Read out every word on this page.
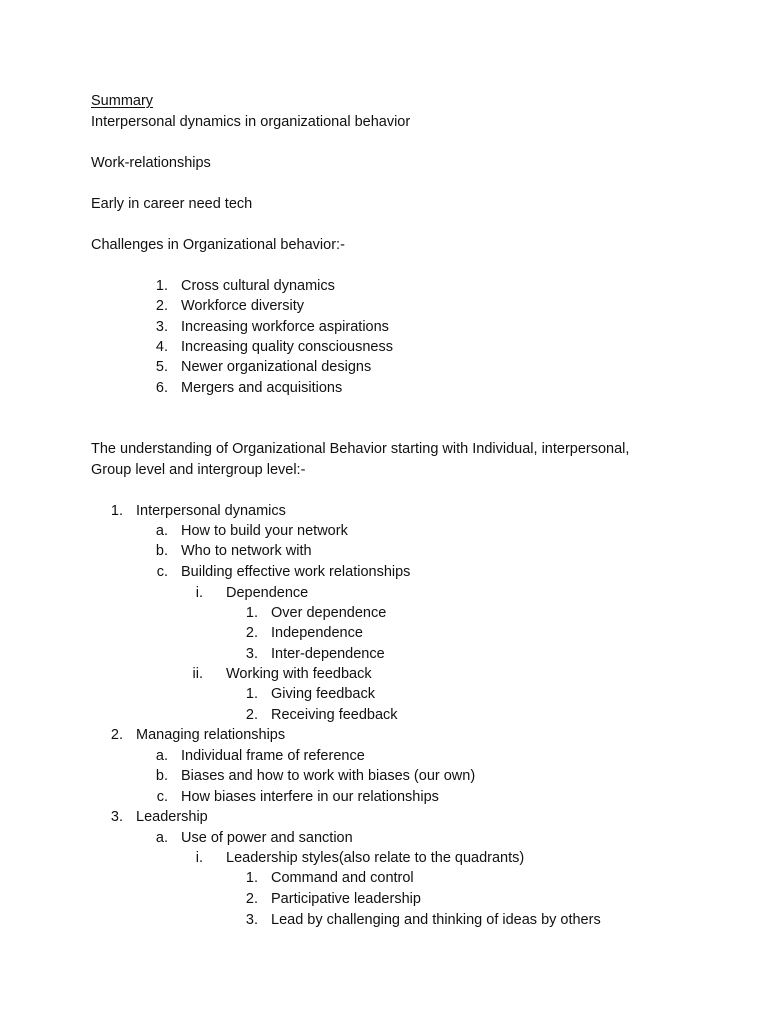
Summary
Interpersonal dynamics in organizational behavior
Work-relationships
Early in career need tech
Challenges in Organizational behavior:-
1. Cross cultural dynamics
2. Workforce diversity
3. Increasing workforce aspirations
4. Increasing quality consciousness
5. Newer organizational designs
6. Mergers and acquisitions
The understanding of Organizational Behavior starting with Individual, interpersonal,
Group level and intergroup level:-
1. Interpersonal dynamics
a. How to build your network
b. Who to network with
c. Building effective work relationships
i. Dependence
1. Over dependence
2. Independence
3. Inter-dependence
ii. Working with feedback
1. Giving feedback
2. Receiving feedback
2. Managing relationships
a. Individual frame of reference
b. Biases and how to work with biases (our own)
c. How biases interfere in our relationships
3. Leadership
a. Use of power and sanction
i. Leadership styles(also relate to the quadrants)
1. Command and control
2. Participative leadership
3. Lead by challenging and thinking of ideas by others
